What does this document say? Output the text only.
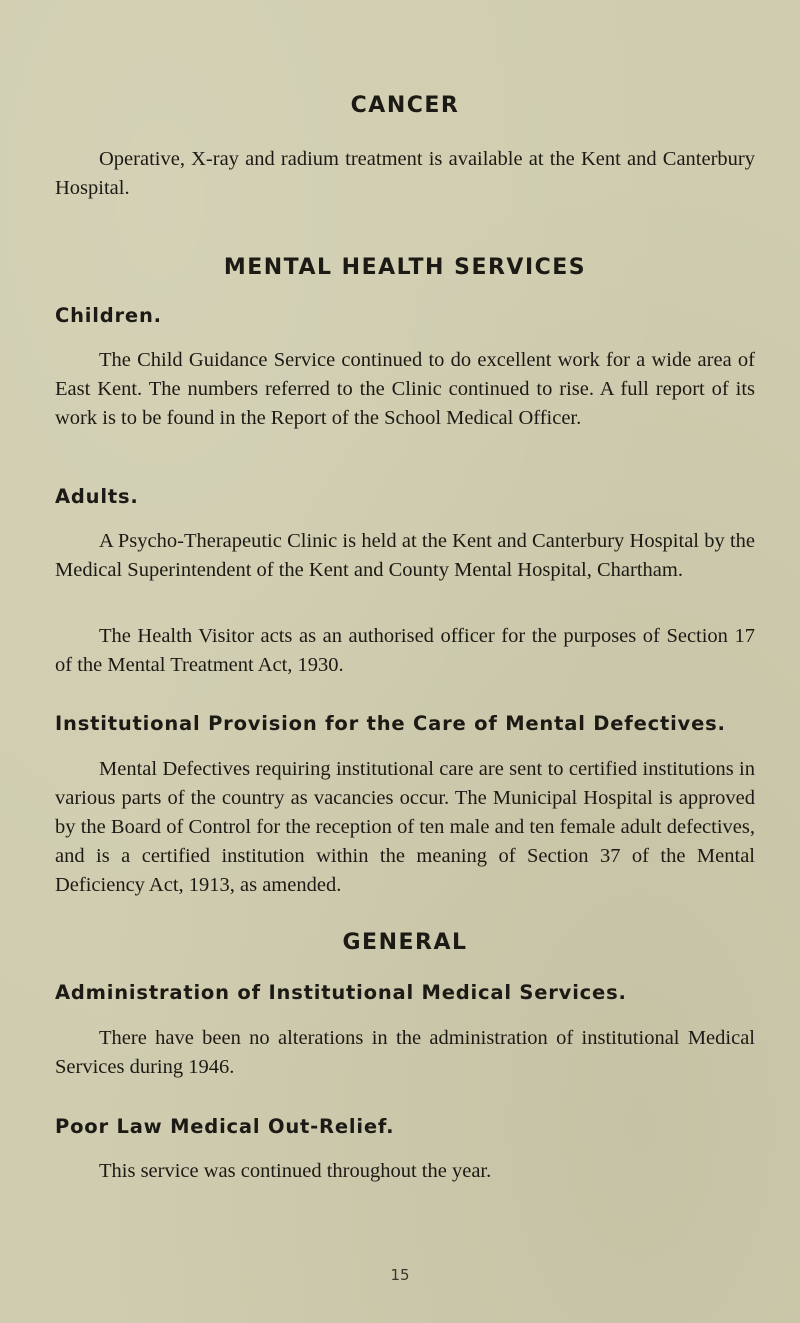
CANCER

Operative, X-ray and radium treatment is available at the Kent and Canterbury Hospital.

MENTAL HEALTH SERVICES
Children.

The Child Guidance Service continued to do excellent work for a wide area of East Kent. The numbers referred to the Clinic continued to rise. A full report of its work is to be found in the Report of the School Medical Officer.

Adults.

A Psycho-Therapeutic Clinic is held at the Kent and Canterbury Hospital by the Medical Superintendent of the Kent and County Mental Hospital, Chartham.

The Health Visitor acts as an authorised officer for the purposes of Section 17 of the Mental Treatment Act, 1930.

Institutional Provision for the Care of Mental Defectives.

Mental Defectives requiring institutional care are sent to certified institutions in various parts of the country as vacancies occur. The Municipal Hospital is approved by the Board of Control for the reception of ten male and ten female adult defectives, and is a certified institution within the meaning of Section 37 of the Mental Deficiency Act, 1913, as amended.

GENERAL
Administration of Institutional Medical Services.

There have been no alterations in the administration of institutional Medical Services during 1946.

Poor Law Medical Out-Relief.

This service was continued throughout the year.

15
